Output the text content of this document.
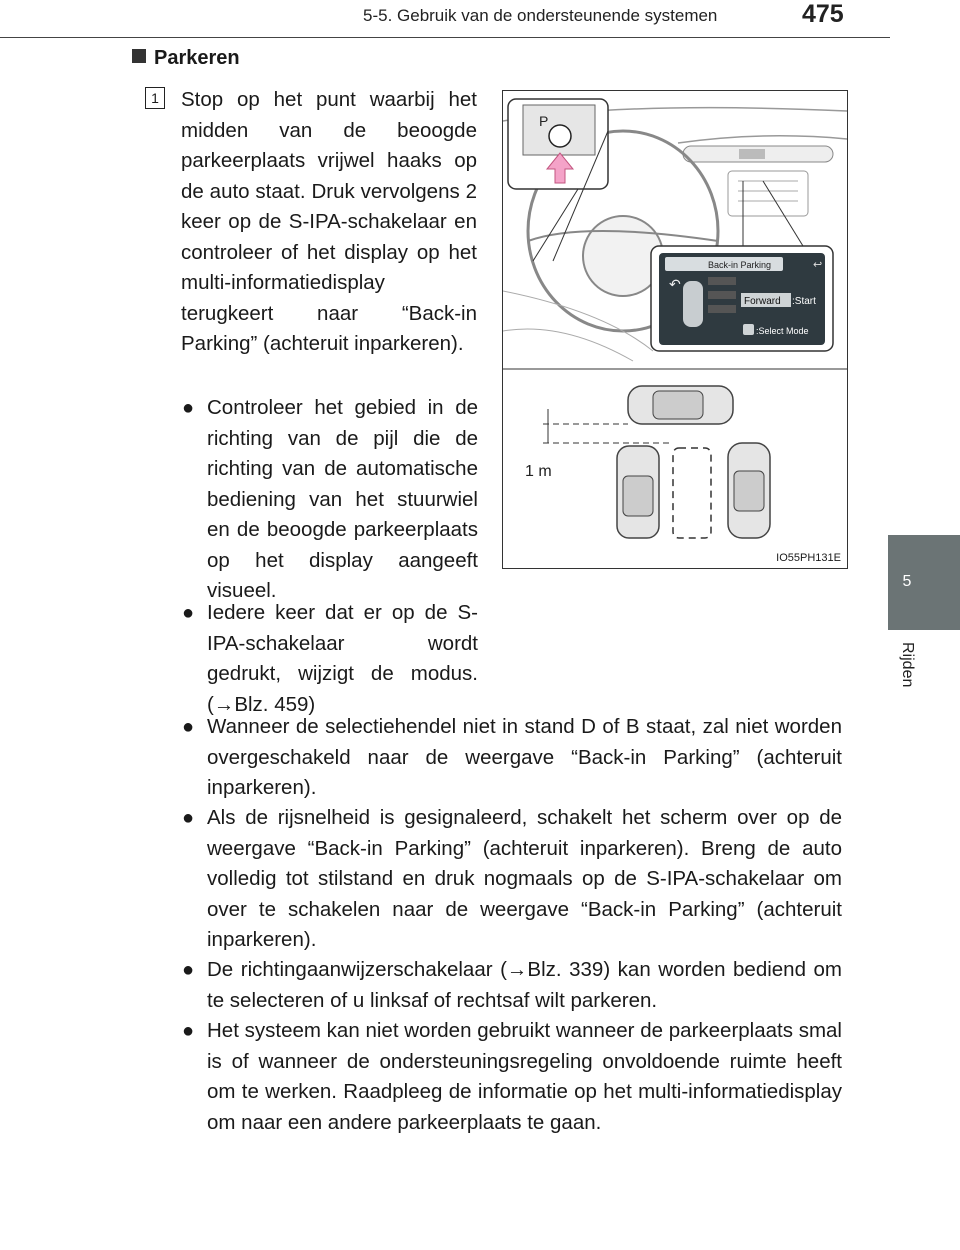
5-5. Gebruik van de ondersteunende systemen	475
5
Rijden
Parkeren
1 Stop op het punt waarbij het midden van de beoogde parkeerplaats vrijwel haaks op de auto staat. Druk vervolgens 2 keer op de S-IPA-schakelaar en controleer of het display op het multi-informatiedisplay terugkeert naar “Back-in Parking” (achteruit inparkeren).
● Controleer het gebied in de richting van de pijl die de richting van de automatische bediening van het stuurwiel en de beoogde parkeerplaats op het display aangeeft visueel.
● Iedere keer dat er op de S-IPA-schakelaar wordt gedrukt, wijzigt de modus. (→Blz. 459)
● Wanneer de selectiehendel niet in stand D of B staat, zal niet worden overgeschakeld naar de weergave “Back-in Parking” (achteruit inparkeren).
● Als de rijsnelheid is gesignaleerd, schakelt het scherm over op de weergave “Back-in Parking” (achteruit inparkeren). Breng de auto volledig tot stilstand en druk nogmaals op de S-IPA-schakelaar om over te schakelen naar de weergave “Back-in Parking” (achteruit inparkeren).
● De richtingaanwijzerschakelaar (→Blz. 339) kan worden bediend om te selecteren of u linksaf of rechtsaf wilt parkeren.
● Het systeem kan niet worden gebruikt wanneer de parkeerplaats smal is of wanneer de ondersteuningsregeling onvoldoende ruimte heeft om te werken. Raadpleeg de informatie op het multi-informatiedisplay om naar een andere parkeerplaats te gaan.
P
Back-in Parking	↩
↶
Forward :Start
:Select Mode
1 m
IO55PH131E
